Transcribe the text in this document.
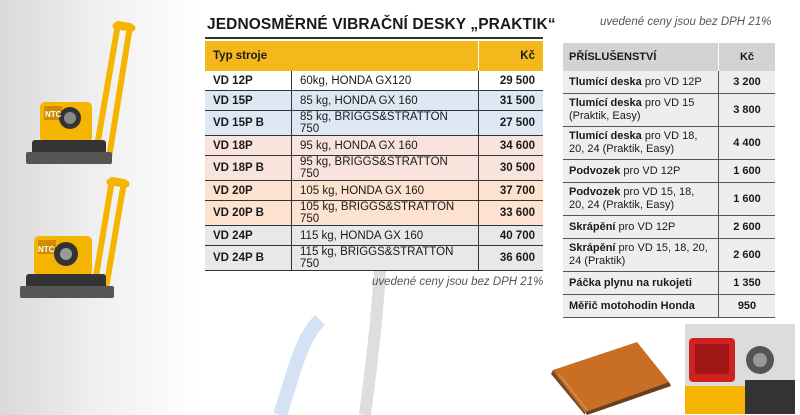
NTC
NTC
JEDNOSMĚRNÉ VIBRAČNÍ DESKY „PRAKTIK“	uvedené ceny jsou bez DPH 21%
Typ stroje		Kč
VD 12P	60kg, HONDA GX120	29 500
VD 15P	85 kg, HONDA GX 160	31 500
VD 15P B	85 kg, BRIGGS&STRATTON 750	27 500
VD 18P	95 kg, HONDA GX 160	34 600
VD 18P B	95 kg, BRIGGS&STRATTON 750	30 500
VD 20P	105 kg, HONDA GX 160	37 700
VD 20P B	105 kg, BRIGGS&STRATTON 750	33 600
VD 24P	115 kg, HONDA GX 160	40 700
VD 24P B	115 kg, BRIGGS&STRATTON 750	36 600
uvedené ceny jsou bez DPH 21%
PŘÍSLUŠENSTVÍ	Kč
Tlumící deska pro VD 12P	3 200
Tlumící deska pro VD 15 (Praktik, Easy)	3 800
Tlumící deska pro VD 18, 20, 24 (Praktik, Easy)	4 400
Podvozek pro VD 12P	1 600
Podvozek pro VD 15, 18, 20, 24 (Praktik, Easy)	1 600
Skrápění pro VD 12P	2 600
Skrápění pro VD 15, 18, 20, 24 (Praktik)	2 600
Páčka plynu na rukojeti	1 350
Měřič motohodin Honda	950
